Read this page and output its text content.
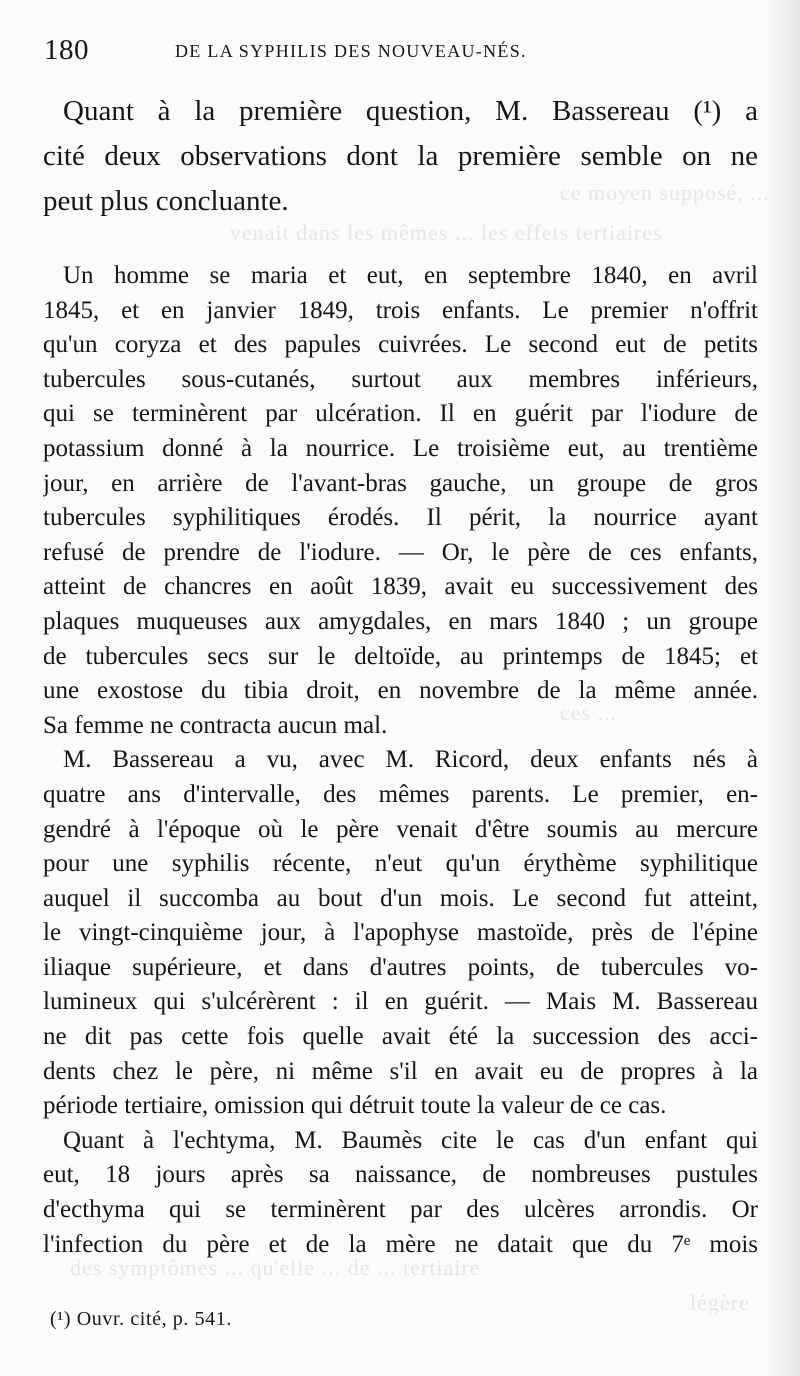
ce moyen supposé, ...
venait dans les mêmes ... les effets tertiaires
ces ...
des symptômes ... qu'elle ... de ... tertiaire
légère
180	DE LA SYPHILIS DES NOUVEAU-NÉS.
Quant à la première question, M. Bassereau (¹) a
cité deux observations dont la première semble on ne
peut plus concluante.
Un homme se maria et eut, en septembre 1840, en avril
1845, et en janvier 1849, trois enfants. Le premier n'offrit
qu'un coryza et des papules cuivrées. Le second eut de petits
tubercules sous-cutanés, surtout aux membres inférieurs,
qui se terminèrent par ulcération. Il en guérit par l'iodure de
potassium donné à la nourrice. Le troisième eut, au trentième
jour, en arrière de l'avant-bras gauche, un groupe de gros
tubercules syphilitiques érodés. Il périt, la nourrice ayant
refusé de prendre de l'iodure. — Or, le père de ces enfants,
atteint de chancres en août 1839, avait eu successivement des
plaques muqueuses aux amygdales, en mars 1840 ; un groupe
de tubercules secs sur le deltoïde, au printemps de 1845; et
une exostose du tibia droit, en novembre de la même année.
Sa femme ne contracta aucun mal.
M. Bassereau a vu, avec M. Ricord, deux enfants nés à
quatre ans d'intervalle, des mêmes parents. Le premier, en-
gendré à l'époque où le père venait d'être soumis au mercure
pour une syphilis récente, n'eut qu'un érythème syphilitique
auquel il succomba au bout d'un mois. Le second fut atteint,
le vingt-cinquième jour, à l'apophyse mastoïde, près de l'épine
iliaque supérieure, et dans d'autres points, de tubercules vo-
lumineux qui s'ulcérèrent : il en guérit. — Mais M. Bassereau
ne dit pas cette fois quelle avait été la succession des acci-
dents chez le père, ni même s'il en avait eu de propres à la
période tertiaire, omission qui détruit toute la valeur de ce cas.
Quant à l'echtyma, M. Baumès cite le cas d'un enfant qui
eut, 18 jours après sa naissance, de nombreuses pustules
d'ecthyma qui se terminèrent par des ulcères arrondis. Or
l'infection du père et de la mère ne datait que du 7ᵉ mois
(¹) Ouvr. cité, p. 541.
